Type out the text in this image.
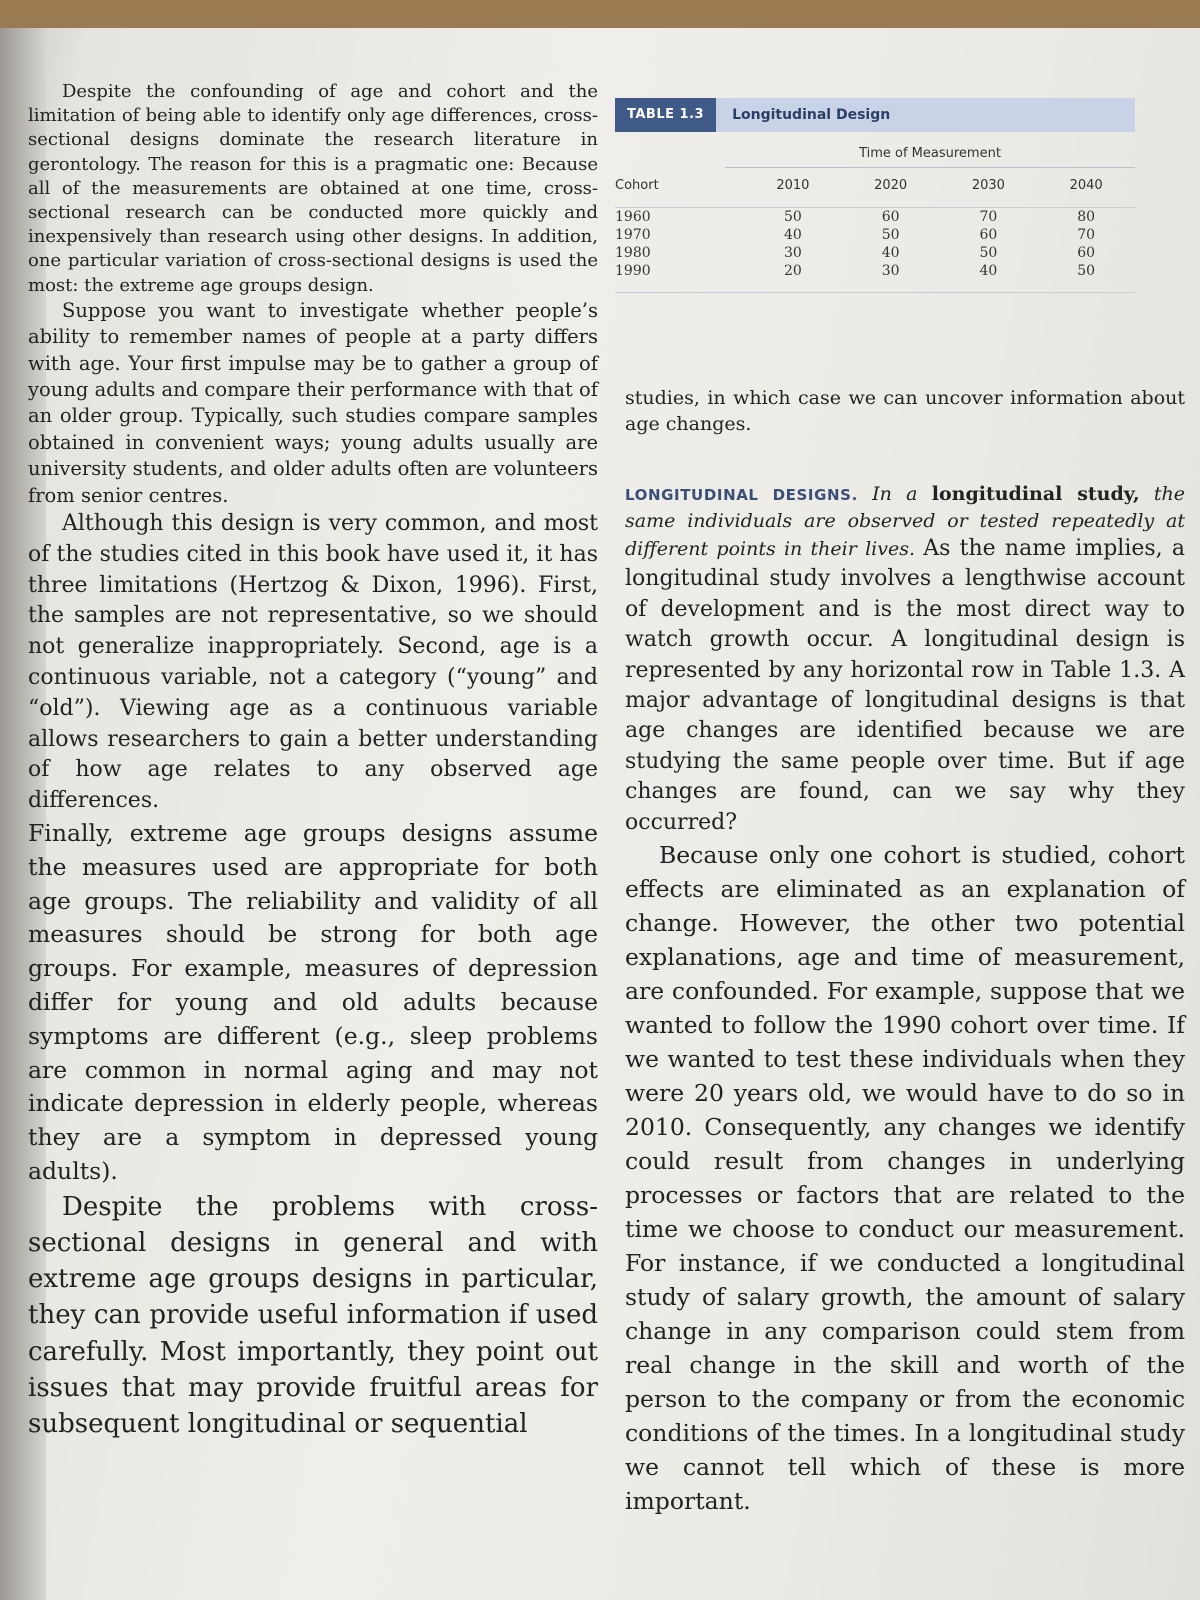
TABLE 1.3	Longitudinal Design
Time of Measurement
Cohort	2010	2020	2030	2040
1960	50	60	70	80
1970	40	50	60	70
1980	30	40	50	60
1990	20	30	40	50

Despite the confounding of age and cohort and the limitation of being able to identify only age differences, cross-sectional designs dominate the research literature in gerontology. The reason for this is a pragmatic one: Because all of the measurements are obtained at one time, cross-sectional research can be conducted more quickly and inexpensively than research using other designs. In addition, one particular variation of cross-sectional designs is used the most: the extreme age groups design.

Suppose you want to investigate whether people’s ability to remember names of people at a party differs with age. Your first impulse may be to gather a group of young adults and compare their performance with that of an older group. Typically, such studies compare samples obtained in convenient ways; young adults usually are university students, and older adults often are volunteers from senior centres.

Although this design is very common, and most of the studies cited in this book have used it, it has three limitations (Hertzog & Dixon, 1996). First, the samples are not representative, so we should not generalize inappropriately. Second, age is a continuous variable, not a category (“young” and “old”). Viewing age as a continuous variable allows researchers to gain a better understanding of how age relates to any observed age differences.

Finally, extreme age groups designs assume the measures used are appropriate for both age groups. The reliability and validity of all measures should be strong for both age groups. For example, measures of depression differ for young and old adults because symptoms are different (e.g., sleep problems are common in normal aging and may not indicate depression in elderly people, whereas they are a symptom in depressed young adults).

Despite the problems with cross-sectional designs in general and with extreme age groups designs in particular, they can provide useful information if used carefully. Most importantly, they point out issues that may provide fruitful areas for subsequent longitudinal or sequential

studies, in which case we can uncover information about age changes.

LONGITUDINAL DESIGNS. In a longitudinal study, the same individuals are observed or tested repeatedly at different points in their lives. As the name implies, a longitudinal study involves a lengthwise account of development and is the most direct way to watch growth occur. A longitudinal design is represented by any horizontal row in Table 1.3. A major advantage of longitudinal designs is that age changes are identified because we are studying the same people over time. But if age changes are found, can we say why they occurred?

Because only one cohort is studied, cohort effects are eliminated as an explanation of change. However, the other two potential explanations, age and time of measurement, are confounded. For example, suppose that we wanted to follow the 1990 cohort over time. If we wanted to test these individuals when they were 20 years old, we would have to do so in 2010. Consequently, any changes we identify could result from changes in underlying processes or factors that are related to the time we choose to conduct our measurement. For instance, if we conducted a longitudinal study of salary growth, the amount of salary change in any comparison could stem from real change in the skill and worth of the person to the company or from the economic conditions of the times. In a longitudinal study we cannot tell which of these is more important.
